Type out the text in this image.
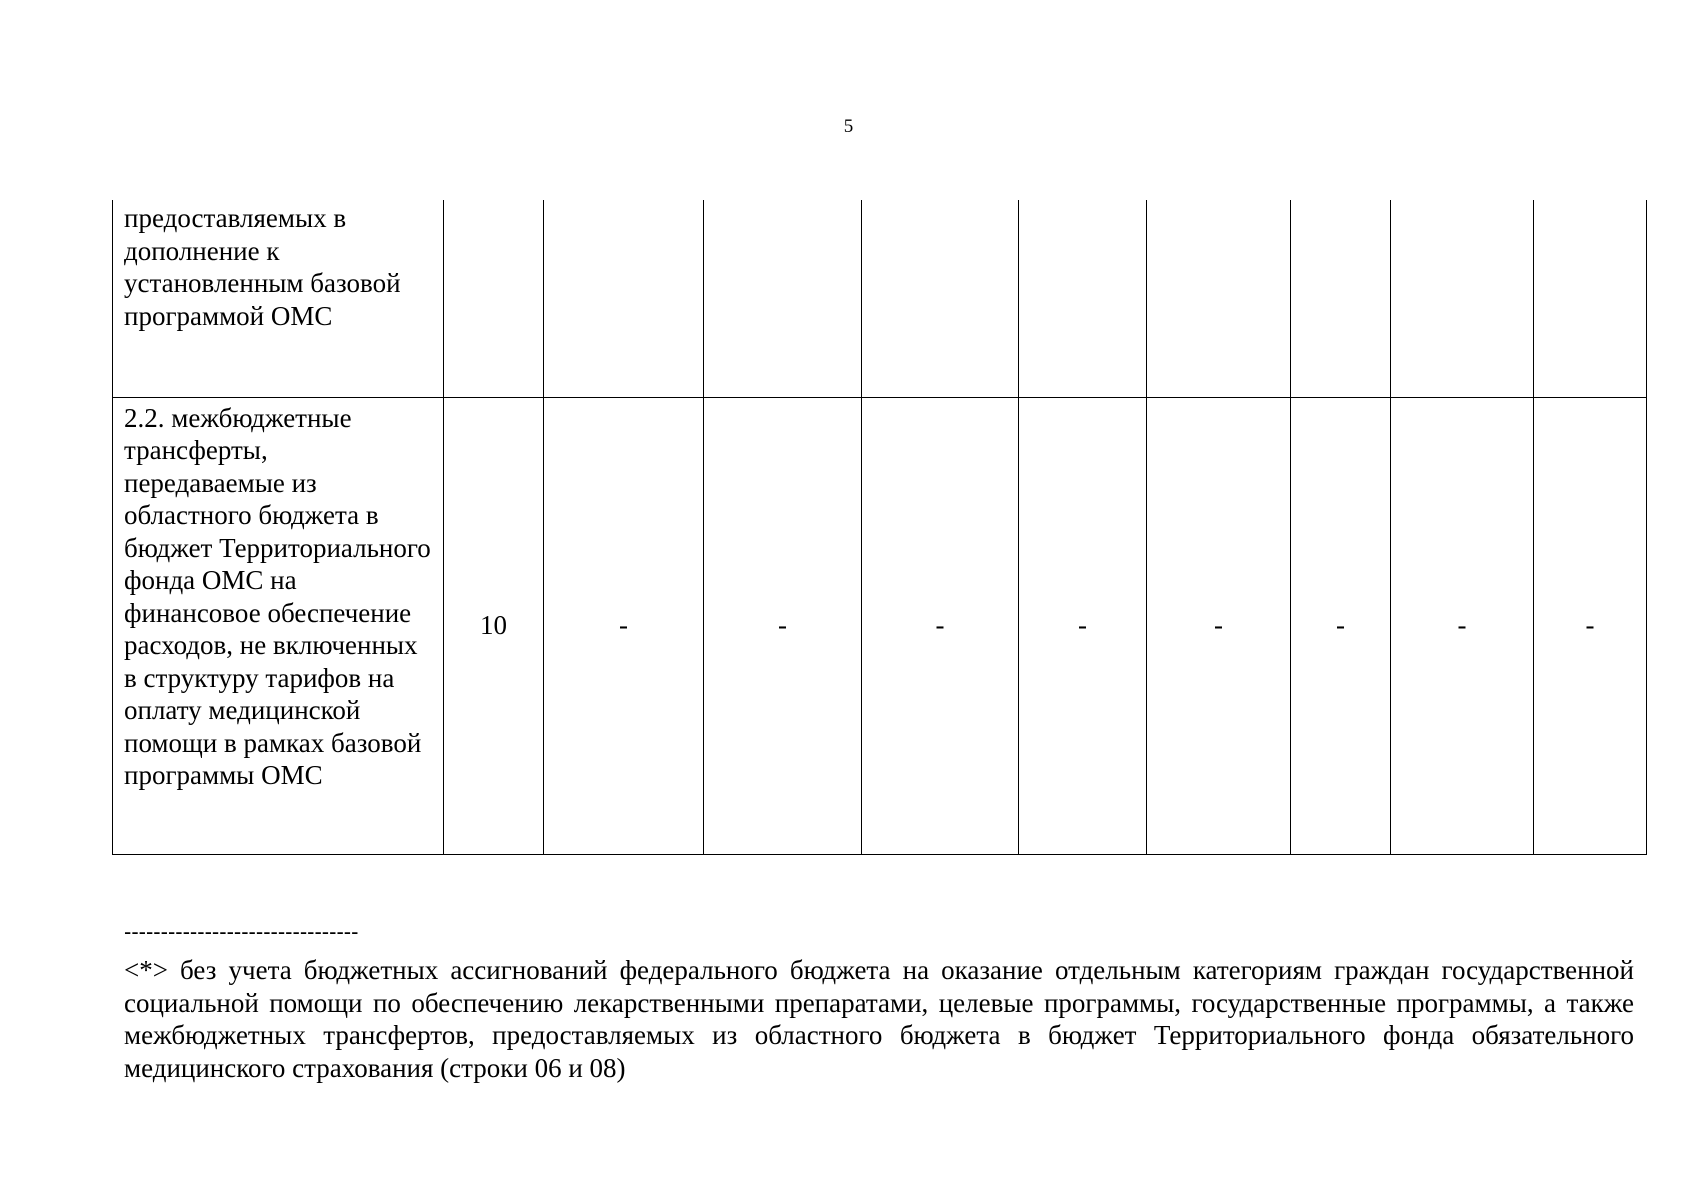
5
предоставляемых в дополнение к установленным базовой программой ОМС									
2.2. межбюджетные трансферты, передаваемые из областного бюджета в бюджет Территориального фонда ОМС на финансовое обеспечение расходов, не включенных в структуру тарифов на оплату медицинской помощи в рамках базовой программы ОМС	10	-	-	-	-	-	-	-	-
--------------------------------
<*> без учета бюджетных ассигнований федерального бюджета на оказание отдельным категориям граждан государственной социальной помощи по обеспечению лекарственными препаратами, целевые программы, государственные программы, а также межбюджетных трансфертов, предоставляемых из областного бюджета в бюджет Территориального фонда обязательного медицинского страхования (строки 06 и 08)
